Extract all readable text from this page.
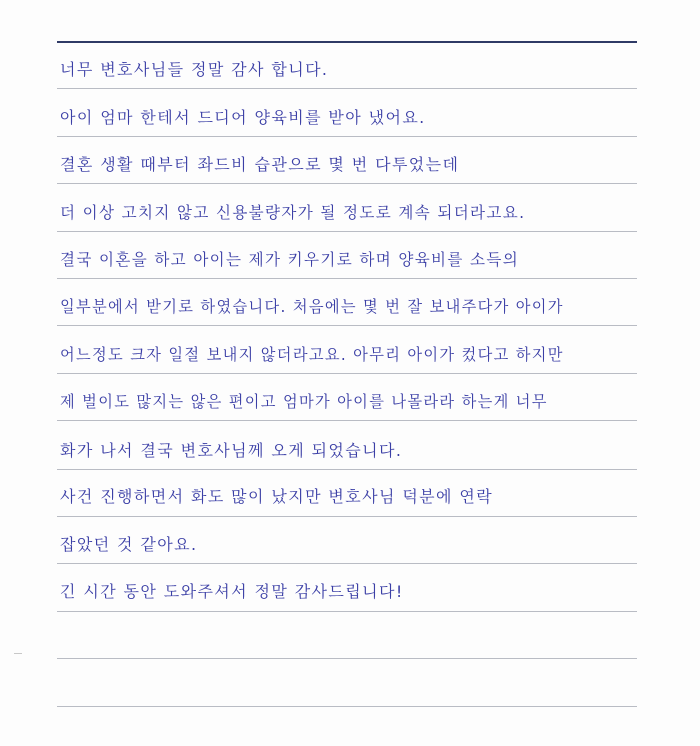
너무 변호사님들 정말 감사 합니다.
아이 엄마 한테서 드디어 양육비를 받아 냈어요.
결혼 생활 때부터 좌드비 습관으로 몇 번 다투었는데
더 이상 고치지 않고 신용불량자가 될 정도로 계속 되더라고요.
결국 이혼을 하고 아이는 제가 키우기로 하며 양육비를 소득의
일부분에서 받기로 하였습니다. 처음에는 몇 번 잘 보내주다가 아이가
어느정도 크자 일절 보내지 않더라고요. 아무리 아이가 컸다고 하지만
제 벌이도 많지는 않은 편이고 엄마가 아이를 나몰라라 하는게 너무
화가 나서 결국 변호사님께 오게 되었습니다.
사건 진행하면서 화도 많이 났지만 변호사님 덕분에 연락
잡았던 것 같아요.
긴 시간 동안 도와주셔서 정말 감사드립니다!
